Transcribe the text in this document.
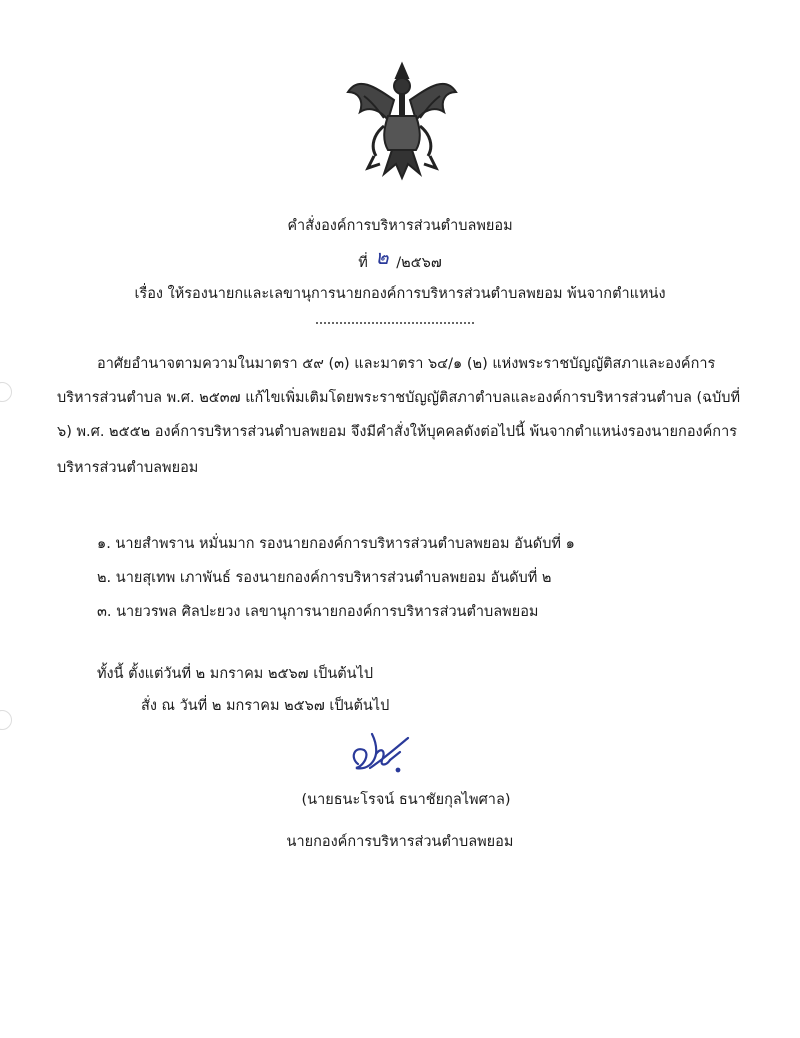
คำสั่งองค์การบริหารส่วนตำบลพยอม
ที่ ๒ /๒๕๖๗
เรื่อง ให้รองนายกและเลขานุการนายกองค์การบริหารส่วนตำบลพยอม พ้นจากตำแหน่ง
อาศัยอำนาจตามความในมาตรา ๕๙ (๓) และมาตรา ๖๔/๑ (๒) แห่งพระราชบัญญัติสภาและองค์การ
บริหารส่วนตำบล พ.ศ. ๒๕๓๗ แก้ไขเพิ่มเติมโดยพระราชบัญญัติสภาตำบลและองค์การบริหารส่วนตำบล (ฉบับที่
๖) พ.ศ. ๒๕๕๒ องค์การบริหารส่วนตำบลพยอม จึงมีคำสั่งให้บุคคลดังต่อไปนี้ พ้นจากตำแหน่งรองนายกองค์การ
บริหารส่วนตำบลพยอม
๑. นายสำพราน หมั่นมาก รองนายกองค์การบริหารส่วนตำบลพยอม อันดับที่ ๑
๒. นายสุเทพ เภาพันธ์ รองนายกองค์การบริหารส่วนตำบลพยอม อันดับที่ ๒
๓. นายวรพล ศิลปะยวง เลขานุการนายกองค์การบริหารส่วนตำบลพยอม
ทั้งนี้ ตั้งแต่วันที่ ๒ มกราคม ๒๕๖๗ เป็นต้นไป
สั่ง ณ วันที่ ๒ มกราคม ๒๕๖๗ เป็นต้นไป
(นายธนะโรจน์ ธนาชัยกุลไพศาล)
นายกองค์การบริหารส่วนตำบลพยอม
